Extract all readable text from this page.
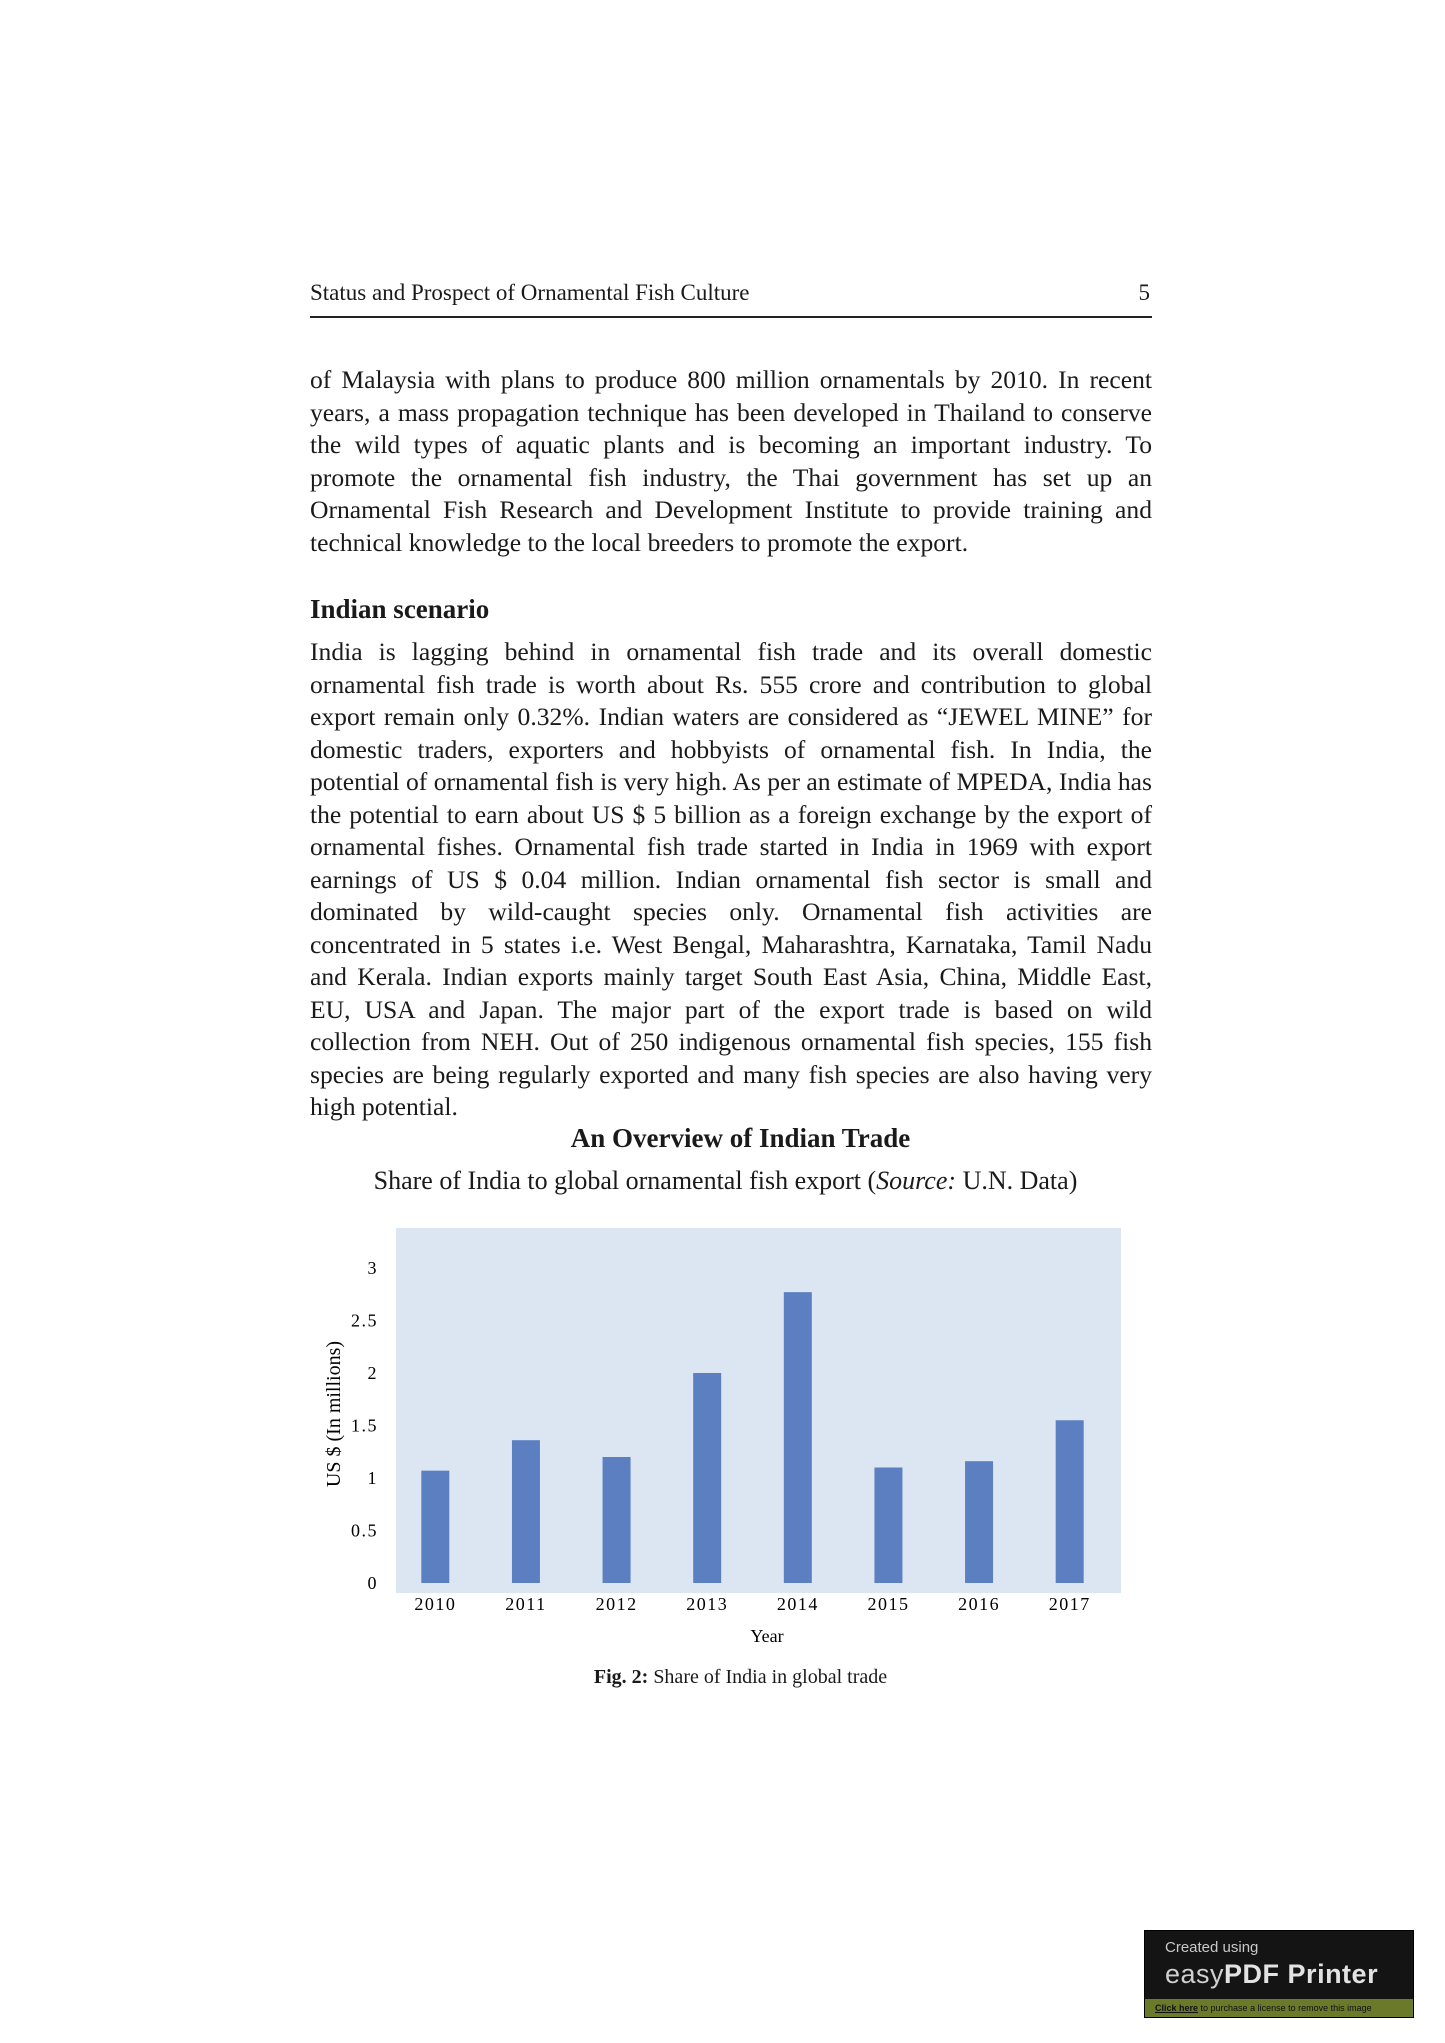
Status and Prospect of Ornamental Fish Culture	5

of Malaysia with plans to produce 800 million ornamentals by 2010. In recent years, a mass propagation technique has been developed in Thailand to conserve the wild types of aquatic plants and is becoming an important industry. To promote the ornamental fish industry, the Thai government has set up an Ornamental Fish Research and Development Institute to provide training and technical knowledge to the local breeders to promote the export.

Indian scenario

India is lagging behind in ornamental fish trade and its overall domestic ornamental fish trade is worth about Rs. 555 crore and contribution to global export remain only 0.32%. Indian waters are considered as “JEWEL MINE” for domestic traders, exporters and hobbyists of ornamental fish. In India, the potential of ornamental fish is very high. As per an estimate of MPEDA, India has the potential to earn about US $ 5 billion as a foreign exchange by the export of ornamental fishes. Ornamental fish trade started in India in 1969 with export earnings of US $ 0.04 million. Indian ornamental fish sector is small and dominated by wild-caught species only. Ornamental fish activities are concentrated in 5 states i.e. West Bengal, Maharashtra, Karnataka, Tamil Nadu and Kerala. Indian exports mainly target South East Asia, China, Middle East, EU, USA and Japan. The major part of the export trade is based on wild collection from NEH. Out of 250 indigenous ornamental fish species, 155 fish species are being regularly exported and many fish species are also having very high potential.

An Overview of Indian Trade

Share of India to global ornamental fish export (Source: U.N. Data)

0
0.5
1
1.5
2
2.5
3
2010	2011	2012	2013	2014	2015	2016	2017
US $ (In millions)
Year

Fig. 2: Share of India in global trade

Created using
easyPDF Printer
Click here to purchase a license to remove this image
